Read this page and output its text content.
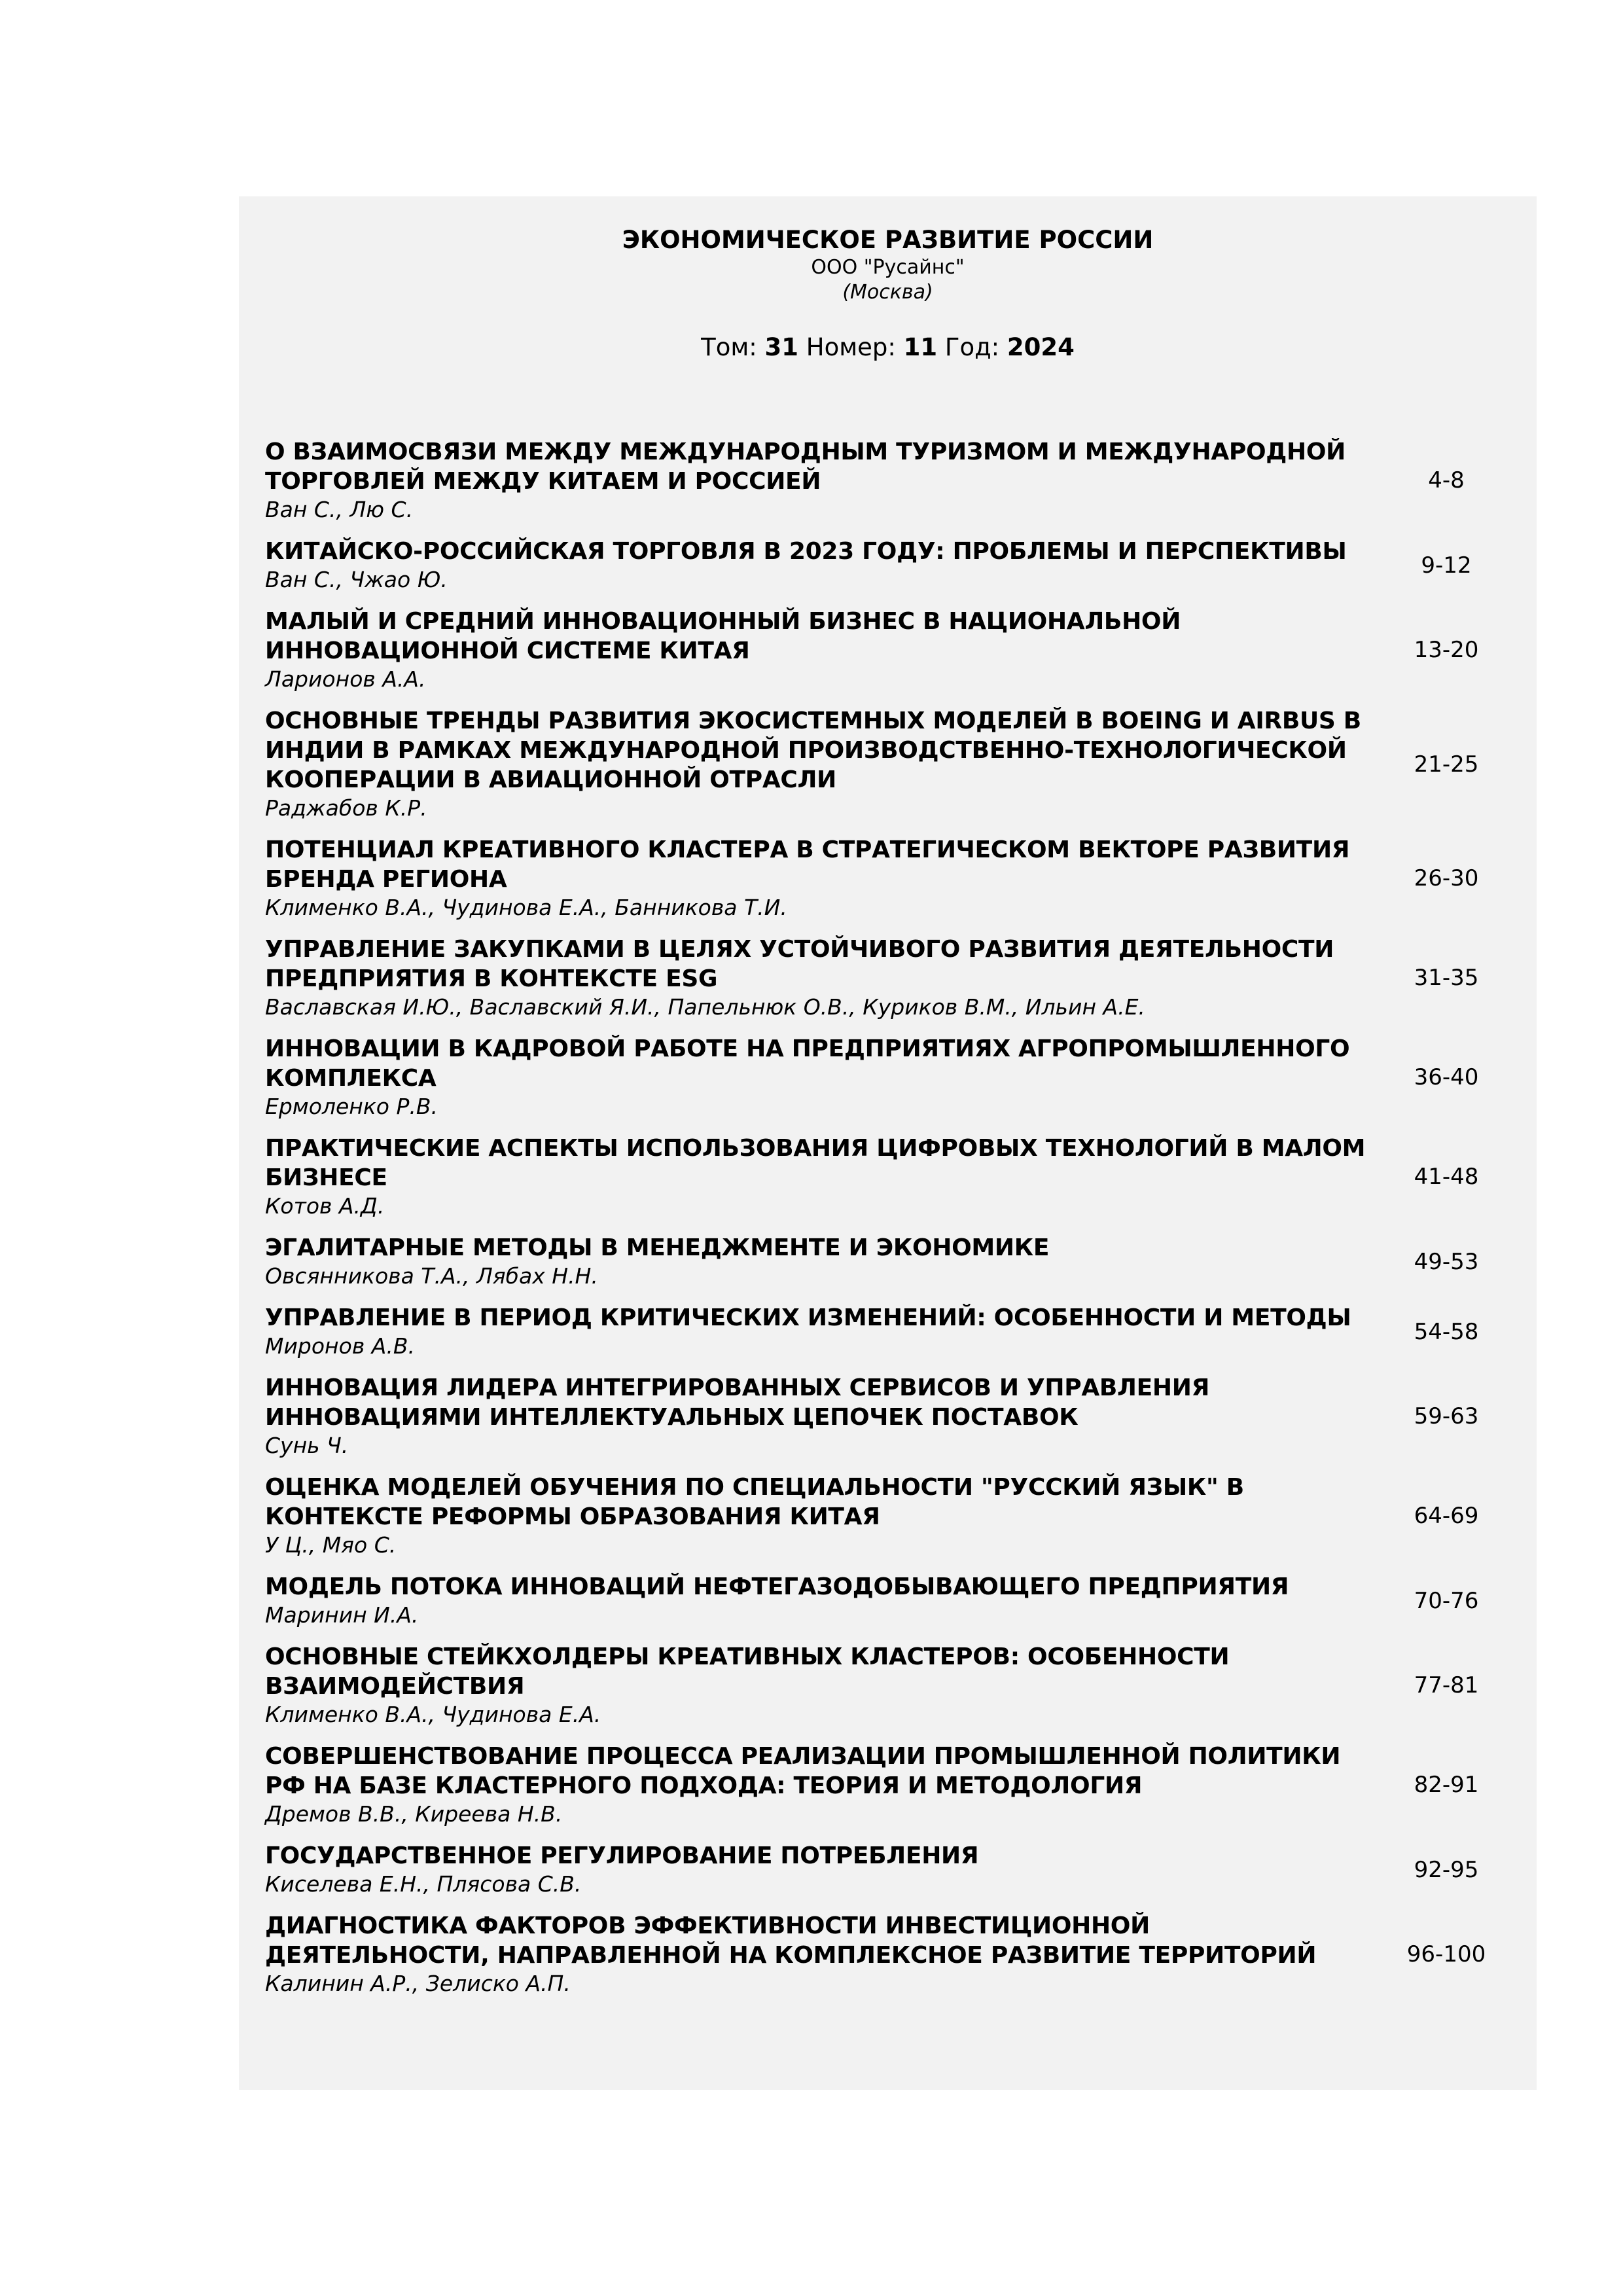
ЭКОНОМИЧЕСКОЕ РАЗВИТИЕ РОССИИ
ООО "Русайнс"
(Москва)
Том: 31 Номер: 11 Год: 2024
О ВЗАИМОСВЯЗИ МЕЖДУ МЕЖДУНАРОДНЫМ ТУРИЗМОМ И МЕЖДУНАРОДНОЙ ТОРГОВЛЕЙ МЕЖДУ КИТАЕМ И РОССИЕЙ
Ван С., Лю С.
4-8
КИТАЙСКО-РОССИЙСКАЯ ТОРГОВЛЯ В 2023 ГОДУ: ПРОБЛЕМЫ И ПЕРСПЕКТИВЫ
Ван С., Чжао Ю.
9-12
МАЛЫЙ И СРЕДНИЙ ИННОВАЦИОННЫЙ БИЗНЕС В НАЦИОНАЛЬНОЙ ИННОВАЦИОННОЙ СИСТЕМЕ КИТАЯ
Ларионов А.А.
13-20
ОСНОВНЫЕ ТРЕНДЫ РАЗВИТИЯ ЭКОСИСТЕМНЫХ МОДЕЛЕЙ В BOEING И AIRBUS В ИНДИИ В РАМКАХ МЕЖДУНАРОДНОЙ ПРОИЗВОДСТВЕННО-ТЕХНОЛОГИЧЕСКОЙ КООПЕРАЦИИ В АВИАЦИОННОЙ ОТРАСЛИ
Раджабов К.Р.
21-25
ПОТЕНЦИАЛ КРЕАТИВНОГО КЛАСТЕРА В СТРАТЕГИЧЕСКОМ ВЕКТОРЕ РАЗВИТИЯ БРЕНДА РЕГИОНА
Клименко В.А., Чудинова Е.А., Банникова Т.И.
26-30
УПРАВЛЕНИЕ ЗАКУПКАМИ В ЦЕЛЯХ УСТОЙЧИВОГО РАЗВИТИЯ ДЕЯТЕЛЬНОСТИ ПРЕДПРИЯТИЯ В КОНТЕКСТЕ ESG
Ваславская И.Ю., Ваславский Я.И., Папельнюк О.В., Куриков В.М., Ильин А.Е.
31-35
ИННОВАЦИИ В КАДРОВОЙ РАБОТЕ НА ПРЕДПРИЯТИЯХ АГРОПРОМЫШЛЕННОГО КОМПЛЕКСА
Ермоленко Р.В.
36-40
ПРАКТИЧЕСКИЕ АСПЕКТЫ ИСПОЛЬЗОВАНИЯ ЦИФРОВЫХ ТЕХНОЛОГИЙ В МАЛОМ БИЗНЕСЕ
Котов А.Д.
41-48
ЭГАЛИТАРНЫЕ МЕТОДЫ В МЕНЕДЖМЕНТЕ И ЭКОНОМИКЕ
Овсянникова Т.А., Лябах Н.Н.
49-53
УПРАВЛЕНИЕ В ПЕРИОД КРИТИЧЕСКИХ ИЗМЕНЕНИЙ: ОСОБЕННОСТИ И МЕТОДЫ
Миронов А.В.
54-58
ИННОВАЦИЯ ЛИДЕРА ИНТЕГРИРОВАННЫХ СЕРВИСОВ И УПРАВЛЕНИЯ ИННОВАЦИЯМИ ИНТЕЛЛЕКТУАЛЬНЫХ ЦЕПОЧЕК ПОСТАВОК
Сунь Ч.
59-63
ОЦЕНКА МОДЕЛЕЙ ОБУЧЕНИЯ ПО СПЕЦИАЛЬНОСТИ "РУССКИЙ ЯЗЫК" В КОНТЕКСТЕ РЕФОРМЫ ОБРАЗОВАНИЯ КИТАЯ
У Ц., Мяо С.
64-69
МОДЕЛЬ ПОТОКА ИННОВАЦИЙ НЕФТЕГАЗОДОБЫВАЮЩЕГО ПРЕДПРИЯТИЯ
Маринин И.А.
70-76
ОСНОВНЫЕ СТЕЙКХОЛДЕРЫ КРЕАТИВНЫХ КЛАСТЕРОВ: ОСОБЕННОСТИ ВЗАИМОДЕЙСТВИЯ
Клименко В.А., Чудинова Е.А.
77-81
СОВЕРШЕНСТВОВАНИЕ ПРОЦЕССА РЕАЛИЗАЦИИ ПРОМЫШЛЕННОЙ ПОЛИТИКИ РФ НА БАЗЕ КЛАСТЕРНОГО ПОДХОДА: ТЕОРИЯ И МЕТОДОЛОГИЯ
Дремов В.В., Киреева Н.В.
82-91
ГОСУДАРСТВЕННОЕ РЕГУЛИРОВАНИЕ ПОТРЕБЛЕНИЯ
Киселева Е.Н., Плясова С.В.
92-95
ДИАГНОСТИКА ФАКТОРОВ ЭФФЕКТИВНОСТИ ИНВЕСТИЦИОННОЙ ДЕЯТЕЛЬНОСТИ, НАПРАВЛЕННОЙ НА КОМПЛЕКСНОЕ РАЗВИТИЕ ТЕРРИТОРИЙ
Калинин А.Р., Зелиско А.П.
96-100
